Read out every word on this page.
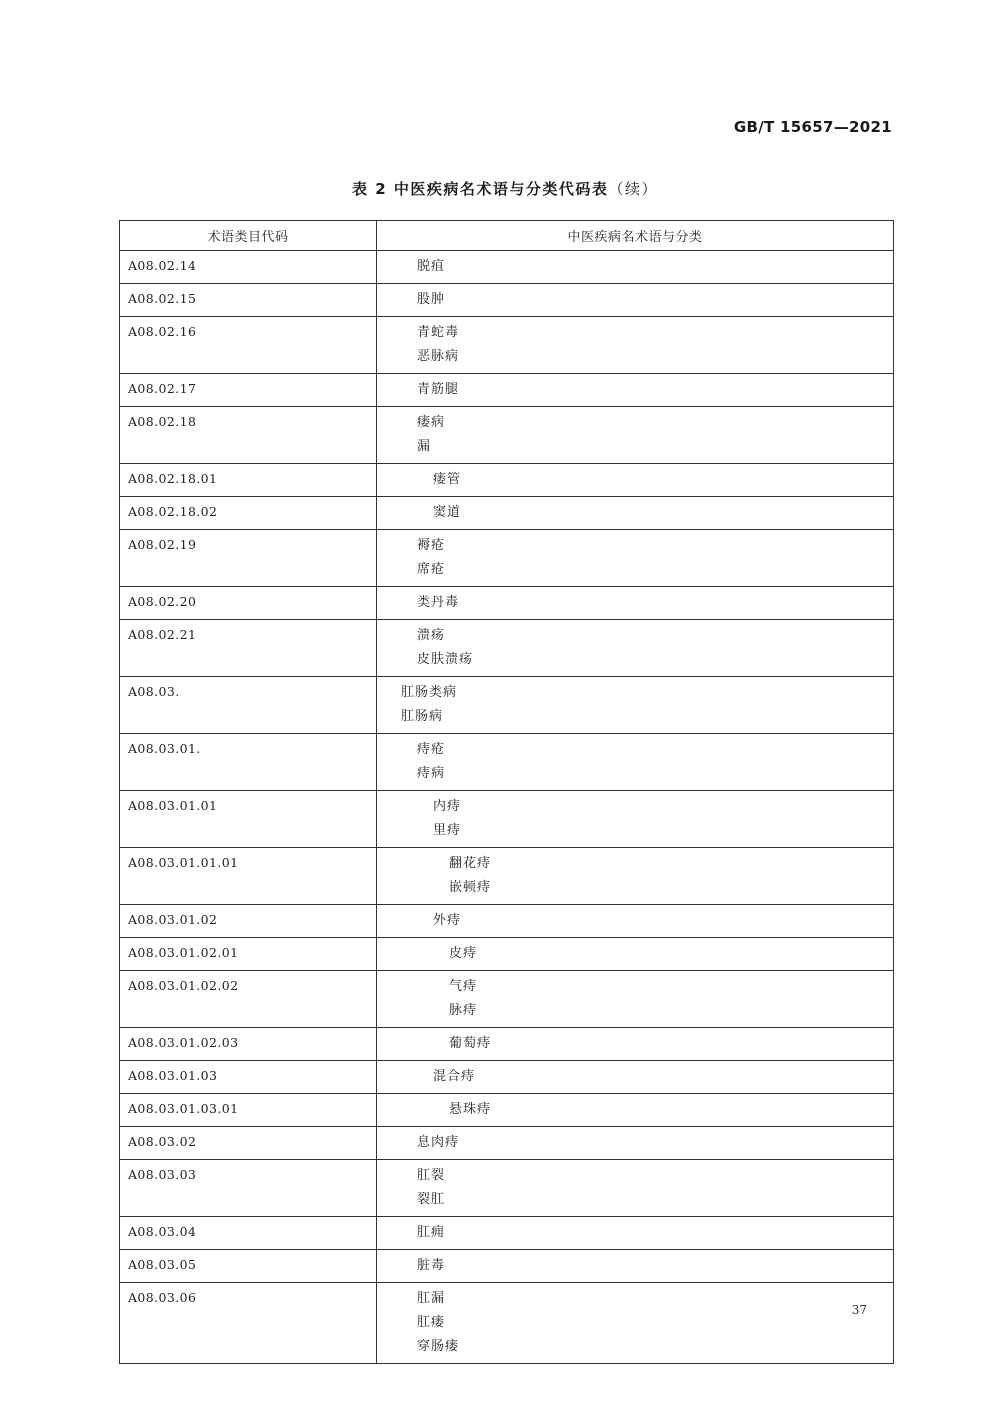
GB/T 15657—2021
表 2 中医疾病名术语与分类代码表（续）
术语类目代码	中医疾病名术语与分类
A08.02.14	脱疽

A08.02.15	股肿

A08.02.16	青蛇毒
恶脉病

A08.02.17	青筋腿

A08.02.18	瘘病
漏

A08.02.18.01	瘘管

A08.02.18.02	窦道

A08.02.19	褥疮
席疮

A08.02.20	类丹毒

A08.02.21	溃疡
皮肤溃疡

A08.03.	肛肠类病
肛肠病

A08.03.01.	痔疮
痔病

A08.03.01.01	内痔
里痔

A08.03.01.01.01	翻花痔
嵌顿痔

A08.03.01.02	外痔

A08.03.01.02.01	皮痔

A08.03.01.02.02	气痔
脉痔

A08.03.01.02.03	葡萄痔

A08.03.01.03	混合痔

A08.03.01.03.01	悬珠痔

A08.03.02	息肉痔

A08.03.03	肛裂
裂肛

A08.03.04	肛痈

A08.03.05	脏毒

A08.03.06	肛漏
肛瘘
穿肠瘘
37
